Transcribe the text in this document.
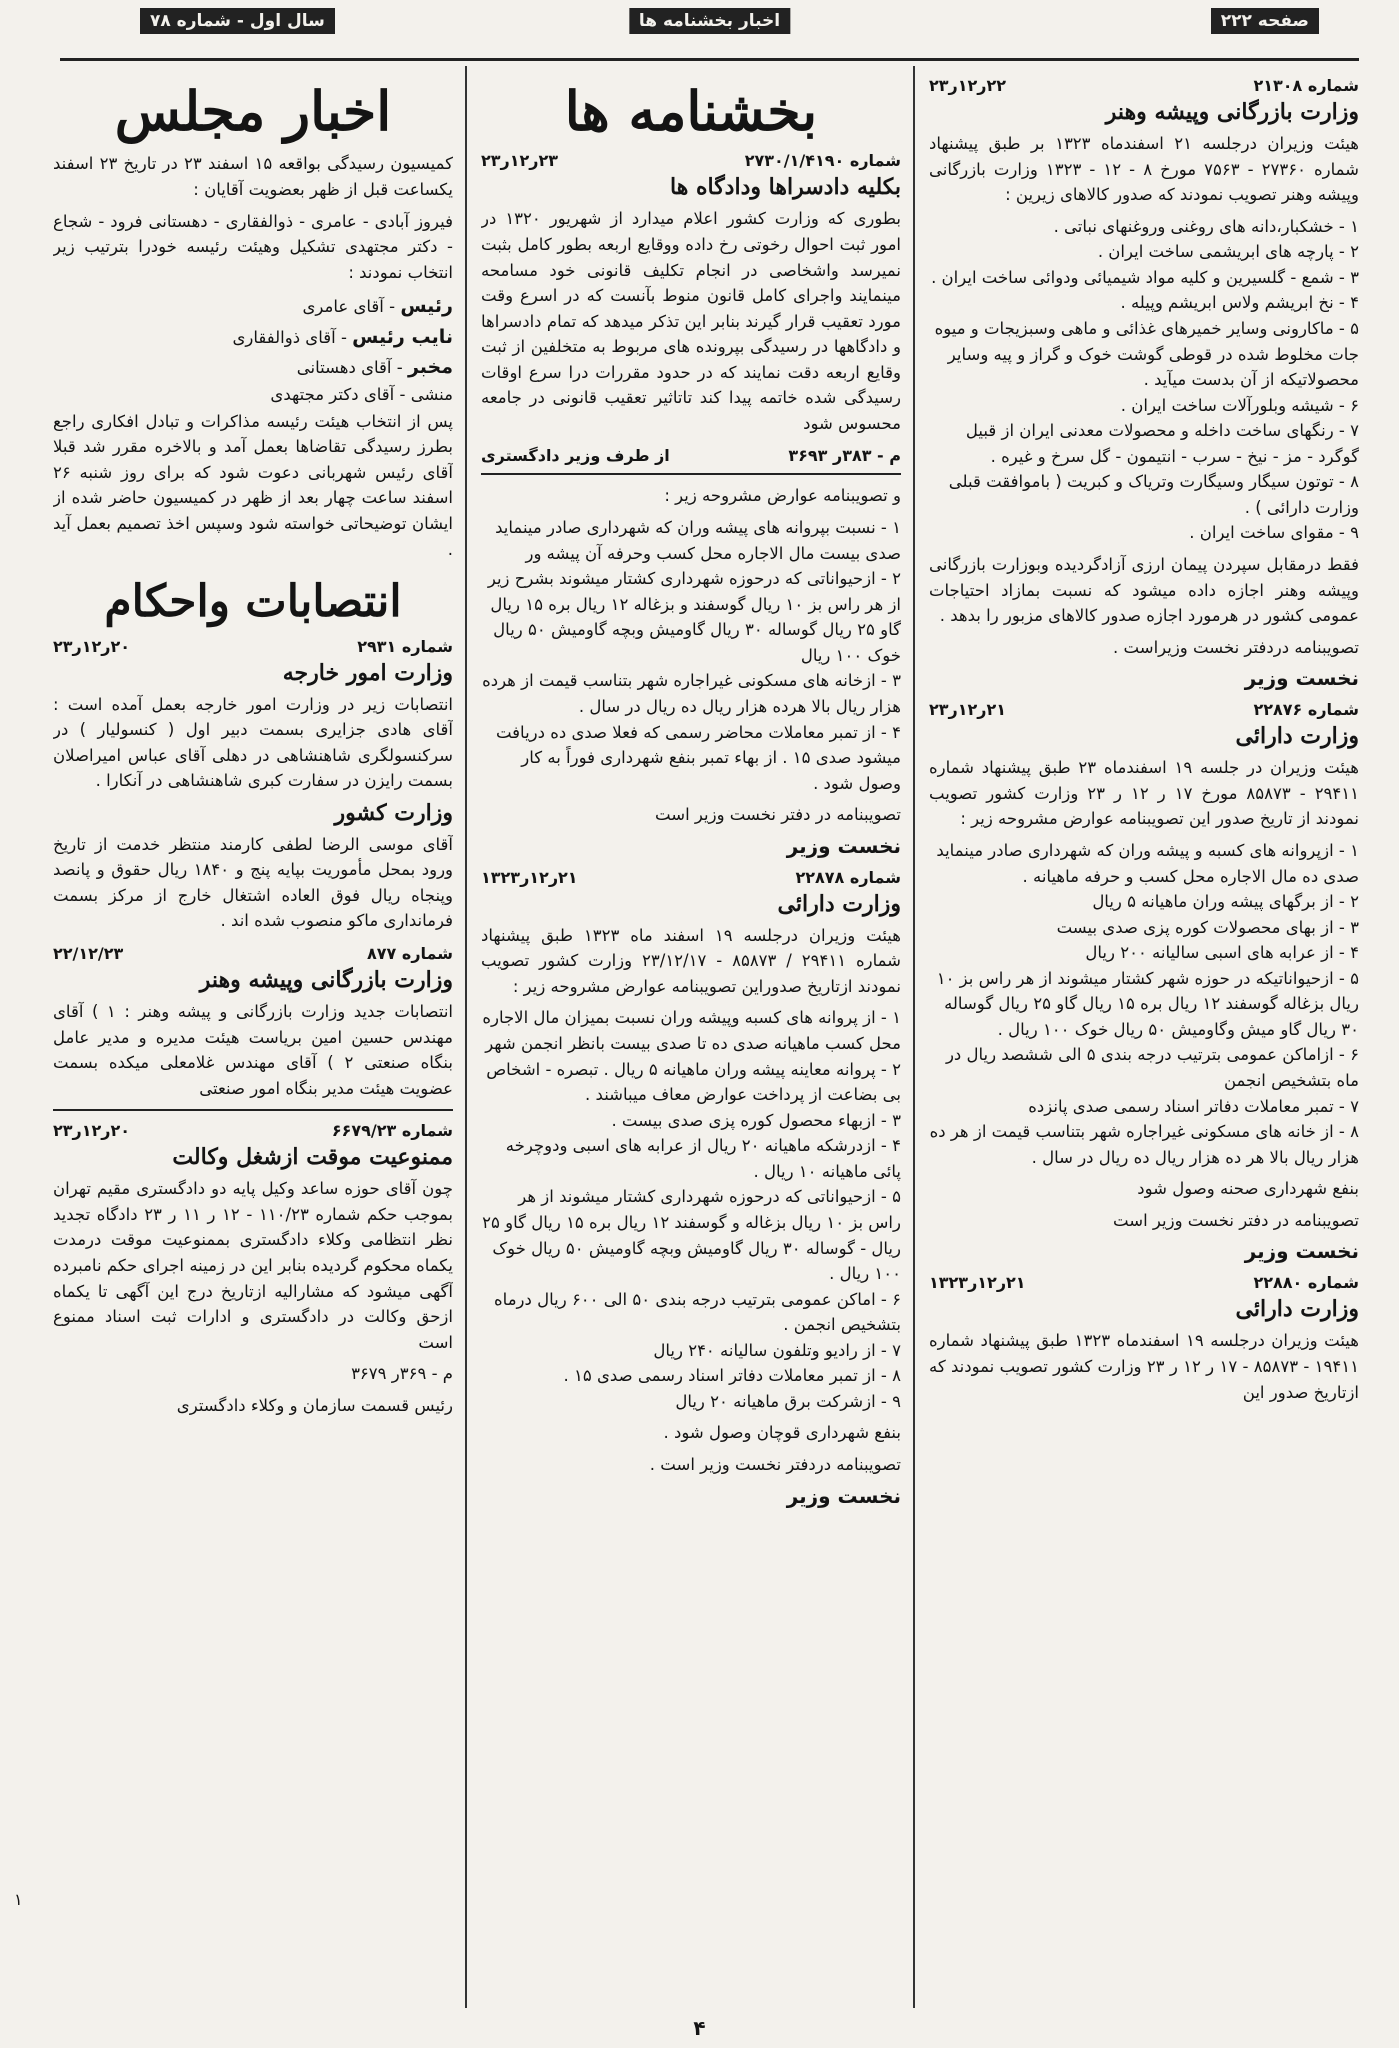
صفحه ۲۲۲
اخبار بخشنامه ها
سال اول - شماره ۷۸
شماره ۲۱۳۰۸
۲۲ر۱۲ر۲۳
وزارت بازرگانی وپیشه وهنر

هیئت وزیران درجلسه ۲۱ اسفندماه ۱۳۲۳ بر طبق پیشنهاد شماره ۲۷۳۶۰ - ۷۵۶۳ مورخ ۸ - ۱۲ - ۱۳۲۳ وزارت بازرگانی وپیشه وهنر تصویب نمودند که صدور کالاهای زیرین :

۱ - خشکبار،دانه های روغنی وروغنهای نباتی .
۲ - پارچه های ابریشمی ساخت ایران .
۳ - شمع - گلسیرین و کلیه مواد شیمیائی ودوائی ساخت ایران .
۴ - نخ ابریشم ولاس ابریشم وپیله .
۵ - ماکارونی وسایر خمیرهای غذائی و ماهی وسبزیجات و میوه جات مخلوط شده در قوطی گوشت خوک و گراز و پیه وسایر محصولاتیکه از آن بدست میآید .
۶ - شیشه وبلورآلات ساخت ایران .
۷ - رنگهای ساخت داخله و محصولات معدنی ایران از قبیل گوگرد - مز - نیخ - سرب - انتیمون - گل سرخ و غیره .
۸ - توتون سیگار وسیگارت وتریاک و کبریت ( باموافقت قبلی وزارت دارائی ) .
۹ - مقوای ساخت ایران .

فقط درمقابل سپردن پیمان ارزی آزادگردیده وبوزارت بازرگانی وپیشه وهنر اجازه داده میشود که نسبت بمازاد احتیاجات عمومی کشور در هرمورد اجازه صدور کالاهای مزبور را بدهد .

تصویبنامه دردفتر نخست وزیراست .

نخست وزیر
شماره ۲۲۸۷۶
۲۱ر۱۲ر۲۳
وزارت دارائی

هیئت وزیران در جلسه ۱۹ اسفندماه ۲۳ طبق پیشنهاد شماره ۲۹۴۱۱ - ۸۵۸۷۳ مورخ ۱۷ ر ۱۲ ر ۲۳ وزارت کشور تصویب نمودند از تاریخ صدور این تصویبنامه عوارض مشروحه زیر :

۱ - ازپروانه های کسبه و پیشه وران که شهرداری صادر مینماید صدی ده مال الاجاره محل کسب و حرفه ماهیانه .
۲ - از برگهای پیشه وران ماهیانه ۵ ریال
۳ - از بهای محصولات کوره پزی صدی بیست
۴ - از عرابه های اسبی سالیانه ۲۰۰ ریال
۵ - ازحیواناتیکه در حوزه شهر کشتار میشوند از هر راس بز ۱۰ ریال بزغاله گوسفند ۱۲ ریال بره ۱۵ ریال گاو ۲۵ ریال گوساله ۳۰ ریال گاو میش وگاومیش ۵۰ ریال خوک ۱۰۰ ریال .
۶ - ازاماکن عمومی بترتیب درجه بندی ۵ الی ششصد ریال در ماه بتشخیص انجمن
۷ - تمبر معاملات دفاتر اسناد رسمی صدی پانزده
۸ - از خانه های مسکونی غیراجاره شهر بتناسب قیمت از هر ده هزار ریال بالا هر ده هزار ریال ده ریال در سال .

بنفع شهرداری صحنه وصول شود

تصویبنامه در دفتر نخست وزیر است

نخست وزیر
شماره ۲۲۸۸۰
۲۱ر۱۲ر۱۳۲۳
وزارت دارائی

هیئت وزیران درجلسه ۱۹ اسفندماه ۱۳۲۳ طبق پیشنهاد شماره ۱۹۴۱۱ - ۸۵۸۷۳ - ۱۷ ر ۱۲ ر ۲۳ وزارت کشور تصویب نمودند که ازتاریخ صدور این

بخشنامه ها
شماره ۲۷۳۰/۱/۴۱۹۰
۲۳ر۱۲ر۲۳
بکلیه دادسراها ودادگاه ها

بطوری که وزارت کشور اعلام میدارد از شهریور ۱۳۲۰ در امور ثبت احوال رخوتی رخ داده ووقایع اربعه بطور کامل بثبت نمیرسد واشخاصی در انجام تکلیف قانونی خود مسامحه مینمایند واجرای کامل قانون منوط بآنست که در اسرع وقت مورد تعقیب قرار گیرند بنابر این تذکر میدهد که تمام دادسراها و دادگاهها در رسیدگی بپرونده های مربوط به متخلفین از ثبت وقایع اربعه دقت نمایند که در حدود مقررات درا سرع اوقات رسیدگی شده خاتمه پیدا کند تاتاثیر تعقیب قانونی در جامعه محسوس شود

م - ۳۸۳ر ۳۶۹۳
از طرف وزیر دادگستری

و تصویبنامه عوارض مشروحه زیر :

۱ - نسبت بپروانه های پیشه وران که شهرداری صادر مینماید صدی بیست مال الاجاره محل کسب وحرفه آن پیشه ور
۲ - ازحیواناتی که درحوزه شهرداری کشتار میشوند بشرح زیر از هر راس بز ۱۰ ریال گوسفند و بزغاله ۱۲ ریال بره ۱۵ ریال گاو ۲۵ ریال گوساله ۳۰ ریال گاومیش وبچه گاومیش ۵۰ ریال خوک ۱۰۰ ریال
۳ - ازخانه های مسکونی غیراجاره شهر بتناسب قیمت از هرده هزار ریال بالا هرده هزار ریال ده ریال در سال .
۴ - از تمبر معاملات محاضر رسمی که فعلا صدی ده دریافت میشود صدی ۱۵ . از بهاء تمبر بنفع شهرداری فوراً به کار وصول شود .

تصویبنامه در دفتر نخست وزیر است

نخست وزیر
شماره ۲۲۸۷۸
۲۱ر۱۲ر۱۳۲۳
وزارت دارائی

هیئت وزیران درجلسه ۱۹ اسفند ماه ۱۳۲۳ طبق پیشنهاد شماره ۲۹۴۱۱ / ۸۵۸۷۳ - ۲۳/۱۲/۱۷ وزارت کشور تصویب نمودند ازتاریخ صدوراین تصویبنامه عوارض مشروحه زیر :

۱ - از پروانه های کسبه وپیشه وران نسبت بمیزان مال الاجاره محل کسب ماهیانه صدی ده تا صدی بیست بانظر انجمن شهر
۲ - پروانه معاینه پیشه وران ماهیانه ۵ ریال . تبصره - اشخاص بی بضاعت از پرداخت عوارض معاف میباشند .
۳ - ازبهاء محصول کوره پزی صدی بیست .
۴ - ازدرشکه ماهیانه ۲۰ ریال از عرابه های اسبی ودوچرخه پائی ماهیانه ۱۰ ریال .
۵ - ازحیواناتی که درحوزه شهرداری کشتار میشوند از هر راس بز ۱۰ ریال بزغاله و گوسفند ۱۲ ریال بره ۱۵ ریال گاو ۲۵ ریال - گوساله ۳۰ ریال گاومیش وبچه گاومیش ۵۰ ریال خوک ۱۰۰ ریال .
۶ - اماکن عمومی بترتیب درجه بندی ۵۰ الی ۶۰۰ ریال درماه بتشخیص انجمن .
۷ - از رادیو وتلفون سالیانه ۲۴۰ ریال
۸ - از تمبر معاملات دفاتر اسناد رسمی صدی ۱۵ .
۹ - ازشرکت برق ماهیانه ۲۰ ریال

بنفع شهرداری قوچان وصول شود .

تصویبنامه دردفتر نخست وزیر است .

نخست وزیر
اخبار مجلس

کمیسیون رسیدگی بواقعه ۱۵ اسفند ۲۳ در تاریخ ۲۳ اسفند یکساعت قبل از ظهر بعضویت آقایان :

فیروز آبادی - عامری - ذوالفقاری - دهستانی فرود - شجاع - دکتر مجتهدی تشکیل وهیئت رئیسه خودرا بترتیب زیر انتخاب نمودند :

رئیس - آقای عامری
نایب رئیس - آقای ذوالفقاری
مخبر - آقای دهستانی
منشی - آقای دکتر مجتهدی

پس از انتخاب هیئت رئیسه مذاکرات و تبادل افکاری راجع بطرز رسیدگی تقاضاها بعمل آمد و بالاخره مقرر شد قبلا آقای رئیس شهربانی دعوت شود که برای روز شنبه ۲۶ اسفند ساعت چهار بعد از ظهر در کمیسیون حاضر شده از ایشان توضیحاتی خواسته شود وسپس اخذ تصمیم بعمل آید .

انتصابات واحکام
شماره ۲۹۳۱
۲۰ر۱۲ر۲۳
وزارت امور خارجه

انتصابات زیر در وزارت امور خارجه بعمل آمده است : آقای هادی جزایری بسمت دبیر اول ( کنسولیار ) در سرکنسولگری شاهنشاهی در دهلی آقای عباس امیراصلان بسمت رایزن در سفارت کبری شاهنشاهی در آنکارا .

وزارت کشور

آقای موسی الرضا لطفی کارمند منتظر خدمت از تاریخ ورود بمحل مأموریت بپایه پنج و ۱۸۴۰ ریال حقوق و پانصد وپنجاه ریال فوق العاده اشتغال خارج از مرکز بسمت فرمانداری ماکو منصوب شده اند .

شماره ۸۷۷
۲۲/۱۲/۲۳
وزارت بازرگانی وپیشه وهنر

انتصابات جدید وزارت بازرگانی و پیشه وهنر : ۱ ) آقای مهندس حسین امین برياست هيئت مدیره و مدیر عامل بنگاه صنعتی ۲ ) آقای مهندس غلامعلی میکده بسمت عضویت هیئت مدیر بنگاه امور صنعتی

شماره ۶۶۷۹/۲۳
۲۰ر۱۲ر۲۳
ممنوعیت موقت ازشغل وکالت

چون آقای حوزه ساعد وکیل پایه دو دادگستری مقیم تهران بموجب حکم شماره ۱۱۰/۲۳ - ۱۲ ر ۱۱ ر ۲۳ دادگاه تجدید نظر انتظامی وکلاء دادگستری بممنوعیت موقت درمدت یکماه محکوم گردیده بنابر این در زمینه اجرای حکم نامبرده آگهی میشود که مشارالیه ازتاریخ درج این آگهی تا یکماه ازحق وکالت در دادگستری و ادارات ثبت اسناد ممنوع است

م - ۳۶۹ر ۳۶۷۹

رئیس قسمت سازمان و وکلاء دادگستری

۴
۱
